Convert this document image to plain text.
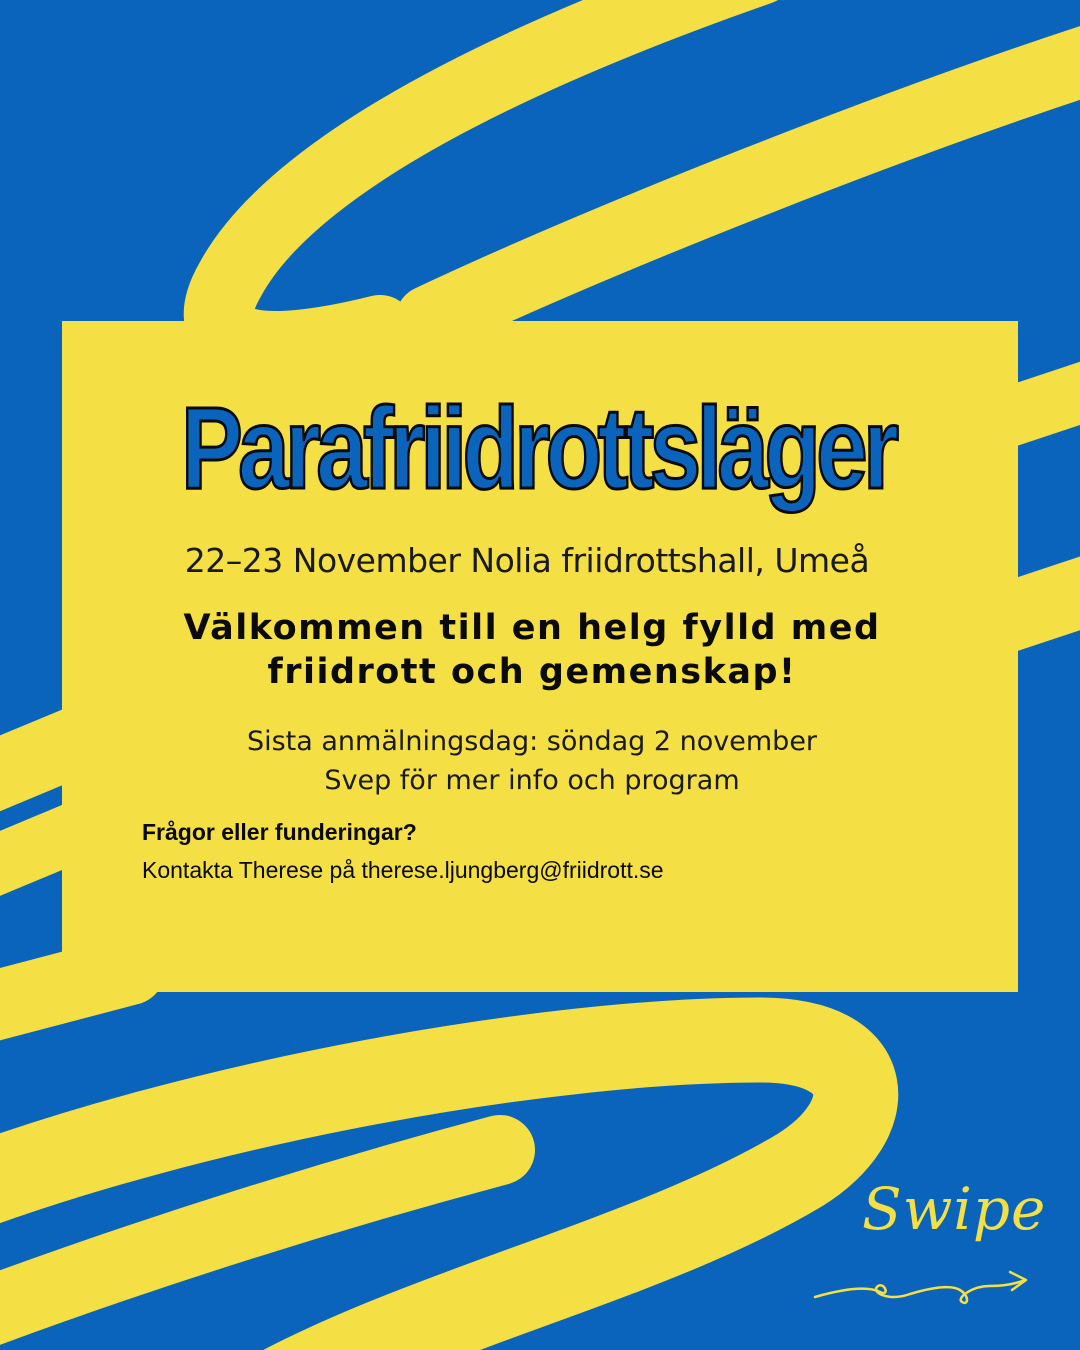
Parafriidrottsläger
22–23 November Nolia friidrottshall, Umeå
Välkommen till en helg fylld med
friidrott och gemenskap!
Sista anmälningsdag: söndag 2 november
Svep för mer info och program
Frågor eller funderingar?
Kontakta Therese på therese.ljungberg@friidrott.se
Swipe
